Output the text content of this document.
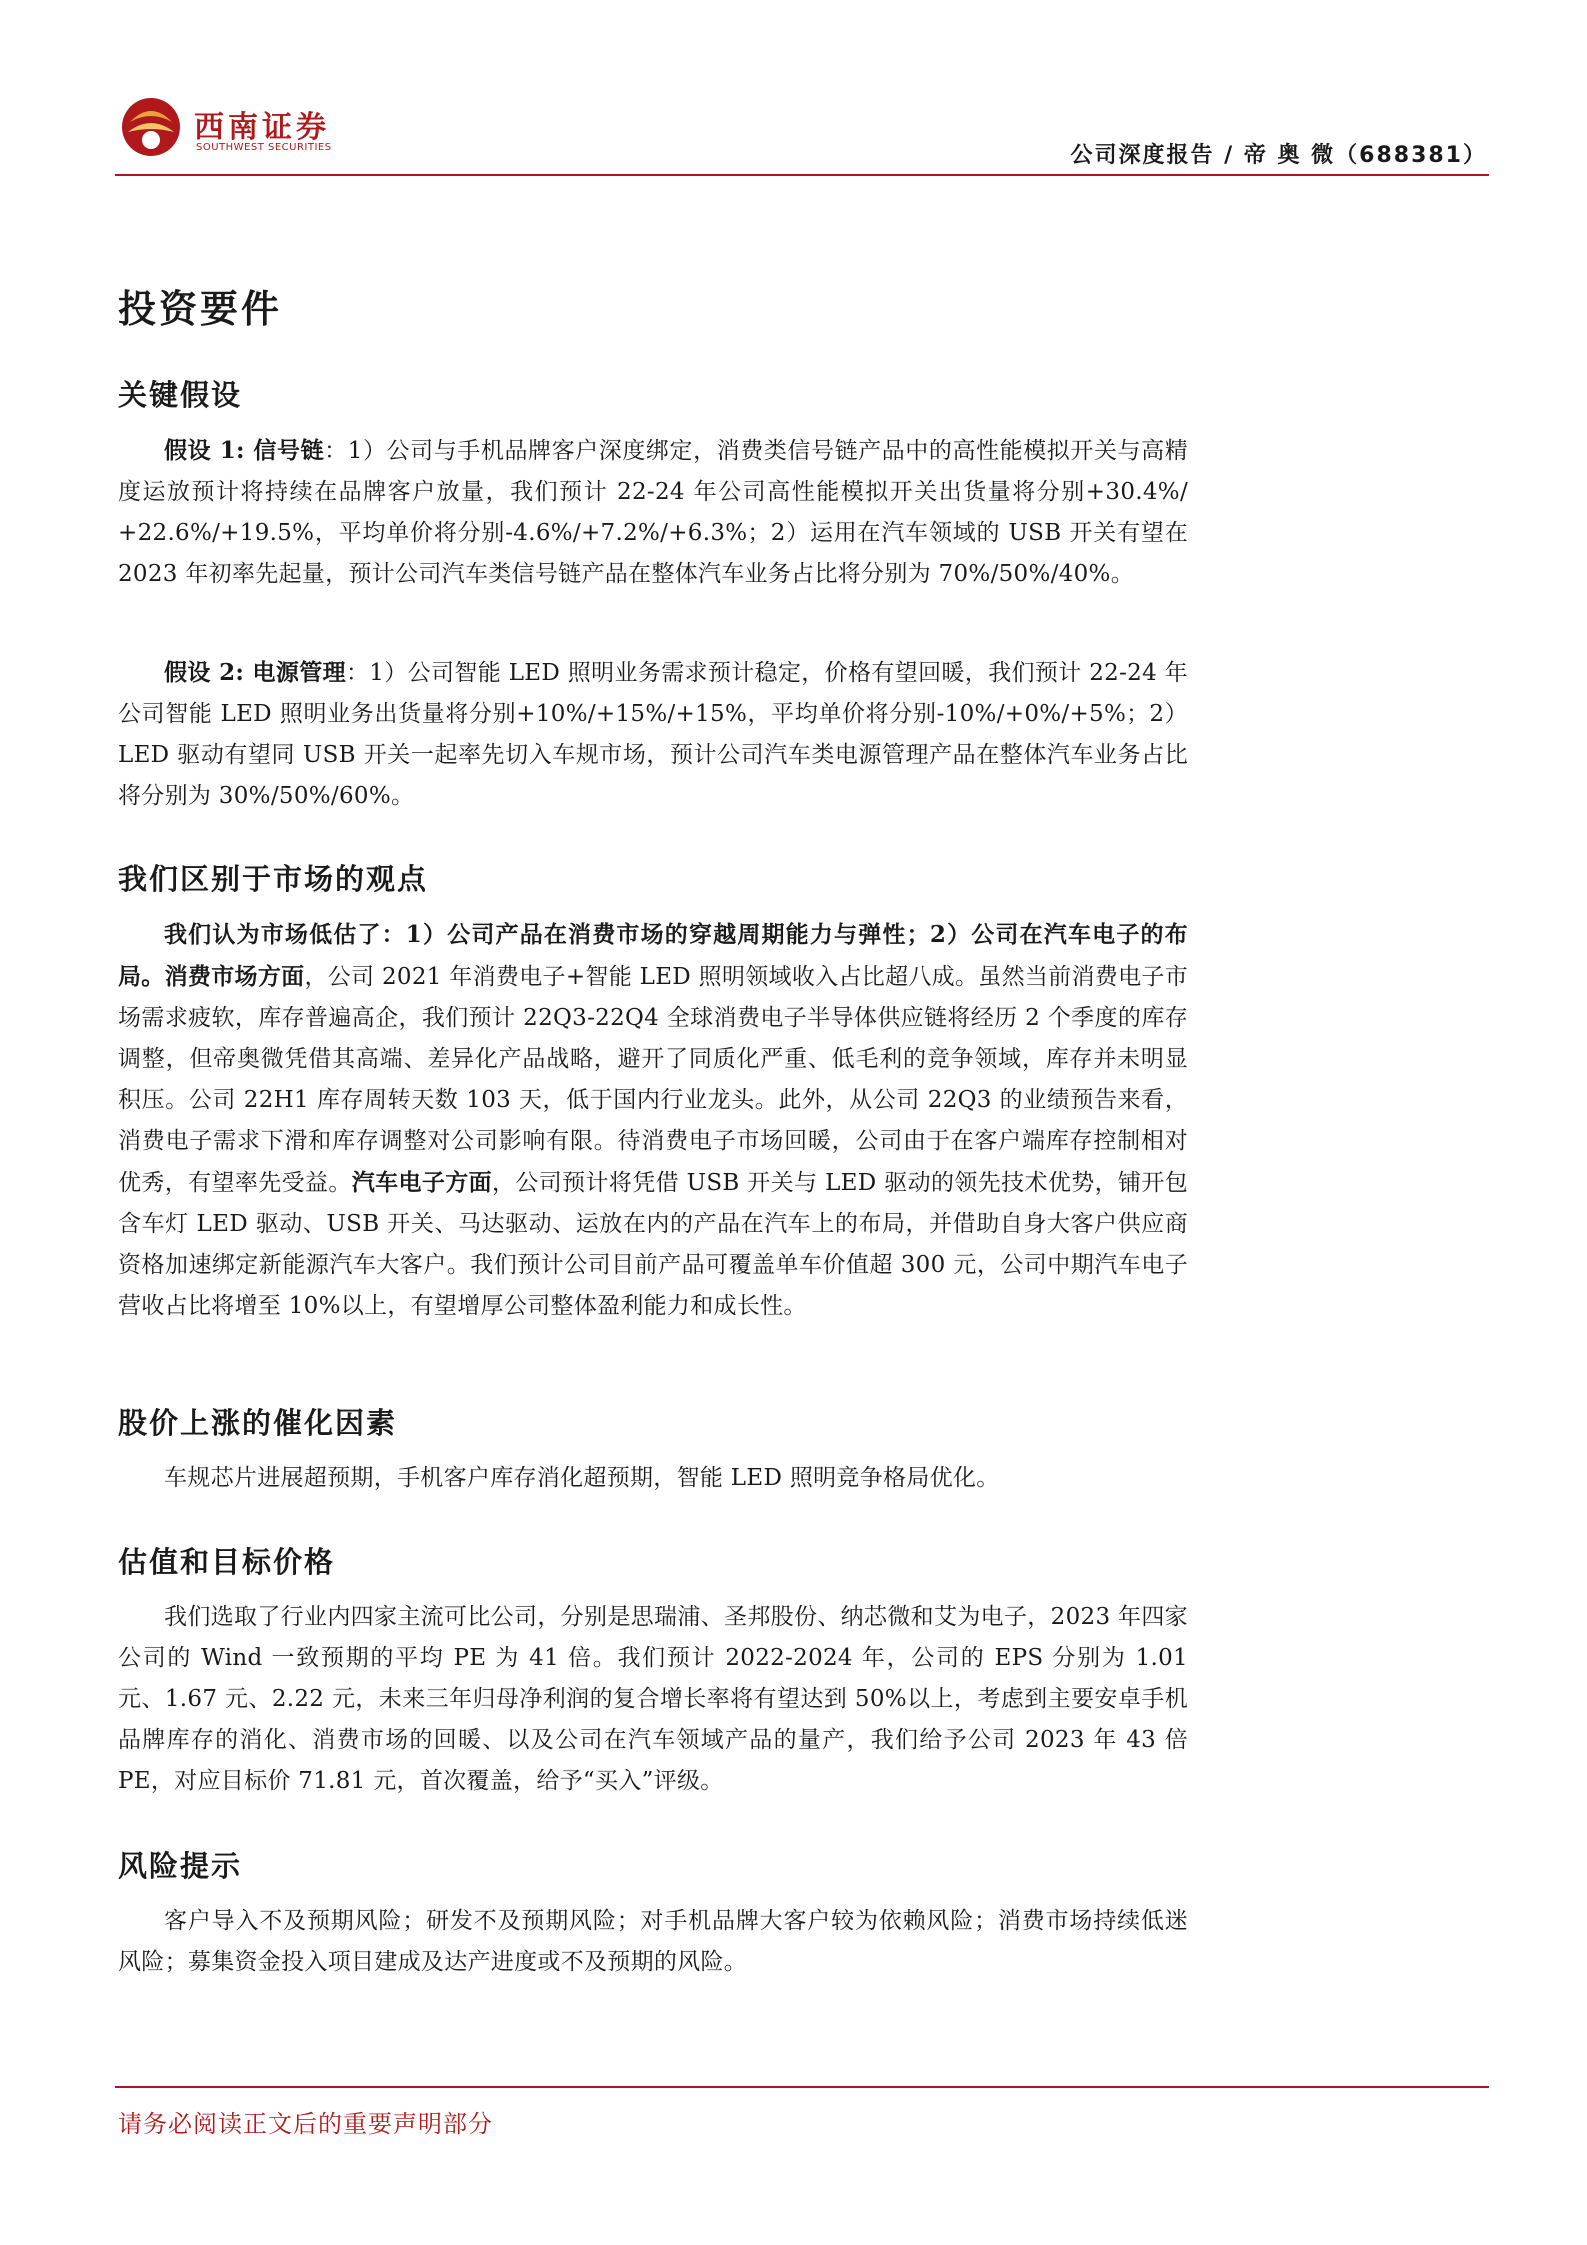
西南证券
SOUTHWEST SECURITIES	公司深度报告 / 帝 奥 微（688381）
投资要件
关键假设
假设 1: 信号链：1）公司与手机品牌客户深度绑定，消费类信号链产品中的高性能模拟开关与高精度运放预计将持续在品牌客户放量，我们预计 22-24 年公司高性能模拟开关出货量将分别+30.4%/ +22.6%/+19.5%，平均单价将分别-4.6%/+7.2%/+6.3%；2）运用在汽车领域的 USB 开关有望在 2023 年初率先起量，预计公司汽车类信号链产品在整体汽车业务占比将分别为 70%/50%/40%。
假设 2: 电源管理：1）公司智能 LED 照明业务需求预计稳定，价格有望回暖，我们预计 22-24 年公司智能 LED 照明业务出货量将分别+10%/+15%/+15%，平均单价将分别-10%/+0%/+5%；2）LED 驱动有望同 USB 开关一起率先切入车规市场，预计公司汽车类电源管理产品在整体汽车业务占比将分别为 30%/50%/60%。
我们区别于市场的观点
我们认为市场低估了：1）公司产品在消费市场的穿越周期能力与弹性；2）公司在汽车电子的布局。消费市场方面，公司 2021 年消费电子+智能 LED 照明领域收入占比超八成。虽然当前消费电子市场需求疲软，库存普遍高企，我们预计 22Q3-22Q4 全球消费电子半导体供应链将经历 2 个季度的库存调整，但帝奥微凭借其高端、差异化产品战略，避开了同质化严重、低毛利的竞争领域，库存并未明显积压。公司 22H1 库存周转天数 103 天，低于国内行业龙头。此外，从公司 22Q3 的业绩预告来看，消费电子需求下滑和库存调整对公司影响有限。待消费电子市场回暖，公司由于在客户端库存控制相对优秀，有望率先受益。汽车电子方面，公司预计将凭借 USB 开关与 LED 驱动的领先技术优势，铺开包含车灯 LED 驱动、USB 开关、马达驱动、运放在内的产品在汽车上的布局，并借助自身大客户供应商资格加速绑定新能源汽车大客户。我们预计公司目前产品可覆盖单车价值超 300 元，公司中期汽车电子营收占比将增至 10%以上，有望增厚公司整体盈利能力和成长性。
股价上涨的催化因素
车规芯片进展超预期，手机客户库存消化超预期，智能 LED 照明竞争格局优化。
估值和目标价格
我们选取了行业内四家主流可比公司，分别是思瑞浦、圣邦股份、纳芯微和艾为电子，2023 年四家公司的 Wind 一致预期的平均 PE 为 41 倍。我们预计 2022-2024 年，公司的 EPS 分别为 1.01 元、1.67 元、2.22 元，未来三年归母净利润的复合增长率将有望达到 50%以上，考虑到主要安卓手机品牌库存的消化、消费市场的回暖、以及公司在汽车领域产品的量产，我们给予公司 2023 年 43 倍 PE，对应目标价 71.81 元，首次覆盖，给予“买入”评级。
风险提示
客户导入不及预期风险；研发不及预期风险；对手机品牌大客户较为依赖风险；消费市场持续低迷风险；募集资金投入项目建成及达产进度或不及预期的风险。
请务必阅读正文后的重要声明部分
